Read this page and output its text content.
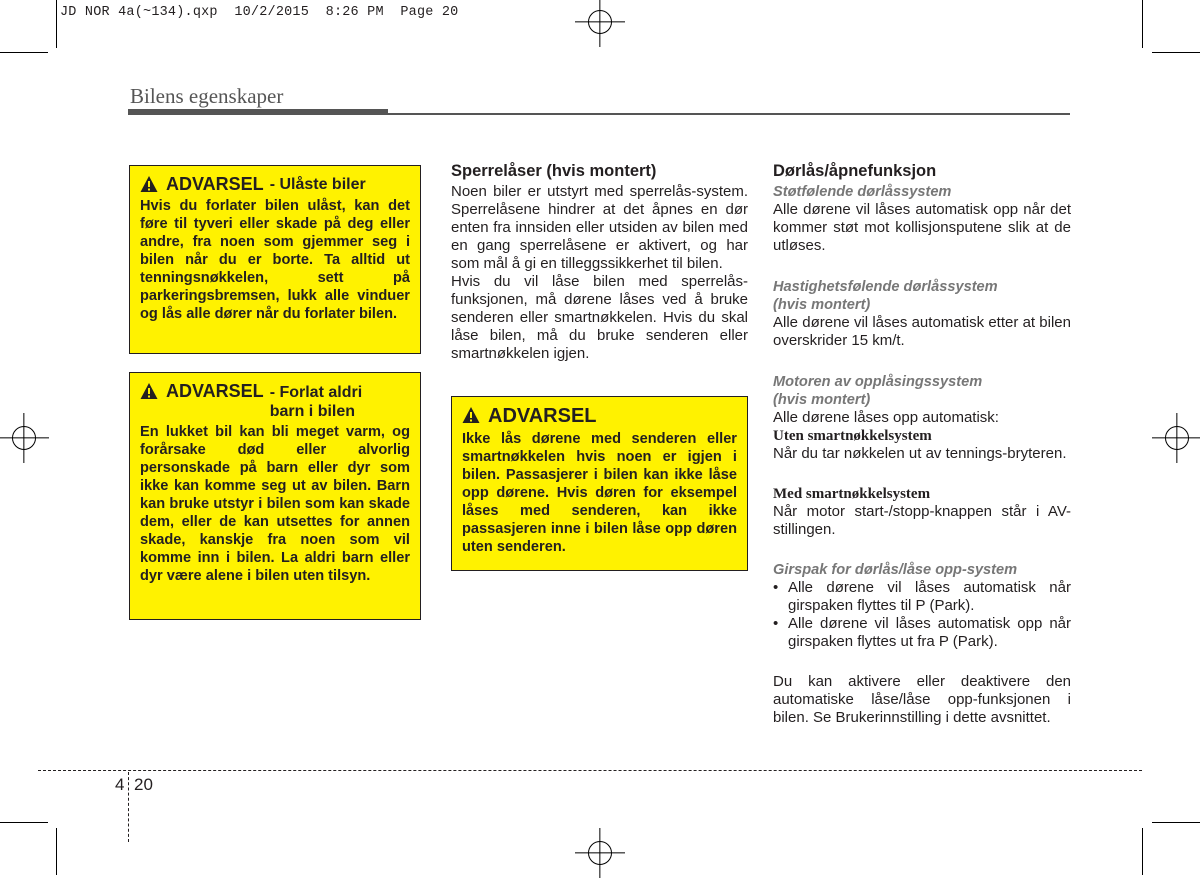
JD NOR 4a(~134).qxp  10/2/2015  8:26 PM  Page 20
Bilens egenskaper
ADVARSEL - Ulåste biler
Hvis du forlater bilen ulåst, kan det føre til tyveri eller skade på deg eller andre, fra noen som gjemmer seg i bilen når du er borte. Ta alltid ut tenningsnøkkelen, sett på parkeringsbremsen, lukk alle vinduer og lås alle dører når du forlater bilen.
ADVARSEL - Forlat aldri
barn i bilen
En lukket bil kan bli meget varm, og forårsake død eller alvorlig personskade på barn eller dyr som ikke kan komme seg ut av bilen. Barn kan bruke utstyr i bilen som kan skade dem, eller de kan utsettes for annen skade, kanskje fra noen som vil komme inn i bilen. La aldri barn eller dyr være alene i bilen uten tilsyn.
Sperrelåser (hvis montert)

Noen biler er utstyrt med sperrelås-system. Sperrelåsene hindrer at det åpnes en dør enten fra innsiden eller utsiden av bilen med en gang sperrelåsene er aktivert, og har som mål å gi en tilleggssikkerhet til bilen.

Hvis du vil låse bilen med sperrelås-funksjonen, må dørene låses ved å bruke senderen eller smartnøkkelen. Hvis du skal låse bilen, må du bruke senderen eller smartnøkkelen igjen.

ADVARSEL
Ikke lås dørene med senderen eller smartnøkkelen hvis noen er igjen i bilen. Passasjerer i bilen kan ikke låse opp dørene. Hvis døren for eksempel låses med senderen, kan ikke passasjeren inne i bilen låse opp døren uten senderen.
Dørlås/åpnefunksjon
Støtfølende dørlåssystem

Alle dørene vil låses automatisk opp når det kommer støt mot kollisjonsputene slik at de utløses.

Hastighetsfølende dørlåssystem
(hvis montert)

Alle dørene vil låses automatisk etter at bilen overskrider 15 km/t.

Motoren av opplåsingssystem
(hvis montert)

Alle dørene låses opp automatisk:

Uten smartnøkkelsystem

Når du tar nøkkelen ut av tennings-bryteren.

Med smartnøkkelsystem

Når motor start-/stopp-knappen står i AV-stillingen.

Girspak for dørlås/låse opp-system
• Alle dørene vil låses automatisk når girspaken flyttes til P (Park).
• Alle dørene vil låses automatisk opp når girspaken flyttes ut fra P (Park).

Du kan aktivere eller deaktivere den automatiske låse/låse opp-funksjonen i bilen. Se Brukerinnstilling i dette avsnittet.

4 20
